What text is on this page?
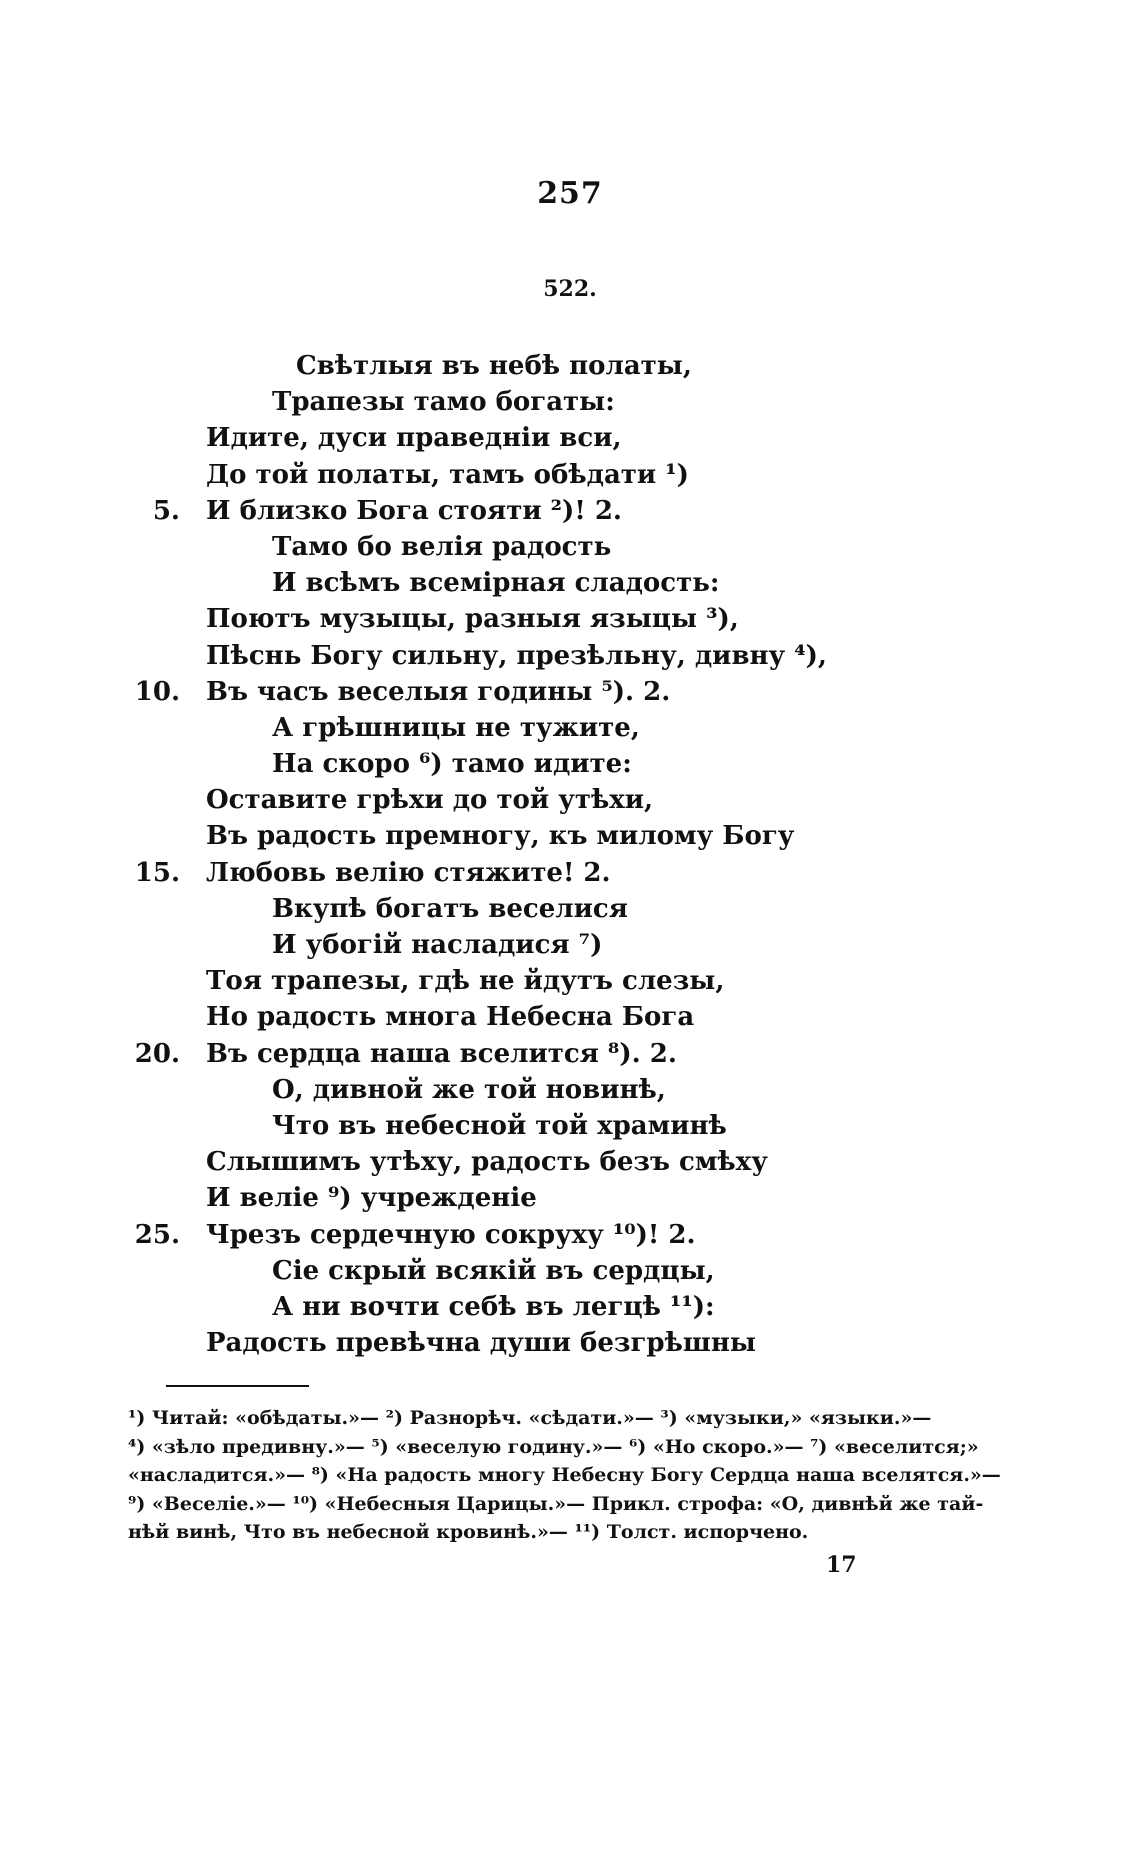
257
522.
Свѣтлыя въ небѣ полаты,
Трапезы тамо богаты:
Идите, дуси праведніи вси,
До той полаты, тамъ обѣдати ¹)
5. И близко Бога стояти ²)! 2.
Тамо бо велія радость
И всѣмъ всемірная сладость:
Поютъ музыцы, разныя языцы ³),
Пѣснь Богу сильну, презѣльну, дивну ⁴),
10. Въ часъ веселыя годины ⁵). 2.
А грѣшницы не тужите,
На скоро ⁶) тамо идите:
Оставите грѣхи до той утѣхи,
Въ радость премногу, къ милому Богу
15. Любовь велію стяжите! 2.
Вкупѣ богатъ веселися
И убогій насладися ⁷)
Тоя трапезы, гдѣ не йдутъ слезы,
Но радость многа Небесна Бога
20. Въ сердца наша вселится ⁸). 2.
О, дивной же той новинѣ,
Что въ небесной той храминѣ
Слышимъ утѣху, радость безъ смѣху
И веліе ⁹) учрежденіе
25. Чрезъ сердечную сокруху ¹⁰)! 2.
Сіе скрый всякій въ сердцы,
А ни вочти себѣ въ легцѣ ¹¹):
Радость превѣчна души безгрѣшны
¹) Читай: «обѣдаты.»— ²) Разнорѣч. «сѣдати.»— ³) «музыки,» «языки.»—
⁴) «зѣло предивну.»— ⁵) «веселую годину.»— ⁶) «Но скоро.»— ⁷) «веселится;»
«насладится.»— ⁸) «На радость многу Небесну Богу Сердца наша вселятся.»—
⁹) «Веселіе.»— ¹⁰) «Небесныя Царицы.»— Прикл. строфа: «О, дивнѣй же тай-
нѣй винѣ, Что въ небесной кровинѣ.»— ¹¹) Толст. испорчено.
17
